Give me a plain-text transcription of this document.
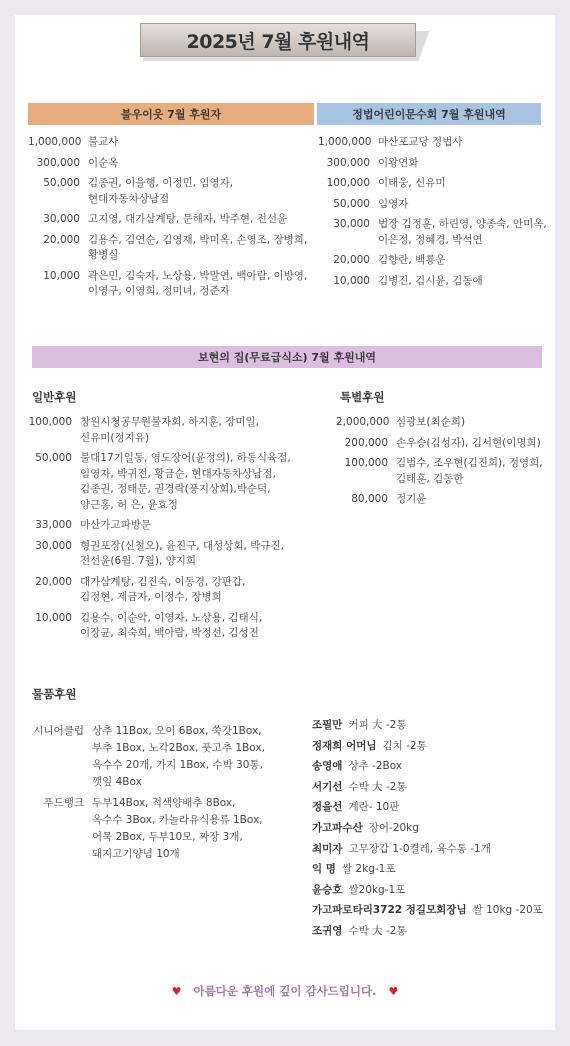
2025년 7월 후원내역
불우이웃 7월 후원자	정법어린이문수회 7월 후원내역
1,000,000 불교사
300,000 이순옥
50,000 김종권, 이을행, 이정민, 임영자,
현대자동차상남점
30,000 고지영, 대가삼계탕, 문해자, 박주현, 전선윤
20,000 김용수, 김연순, 김영재, 박미옥, 손영조, 장병희,
황병실
10,000 곽은민, 김숙자, 노상용, 박말연, 백아람, 이방영,
이영구, 이영희, 정미녀, 정준자
1,000,000 마산포교당 정법사
300,000 이왕연화
100,000 이태웅, 신유미
50,000 임영자
30,000 법장 김정훈, 하린영, 양종숙, 안미옥,
이은정, 정혜경, 박석연
20,000 김향란, 백룡운
10,000 김병진, 김시윤, 김동애
보현의 집(무료급식소) 7월 후원내역
일반후원	특별후원
100,000 창원시청공무원불자회, 하지훈, 장미일,
신유미(정지유)
50,000 불대17기일동, 영도장어(윤정의), 하동식육점,
임영자, 박귀전, 황금순, 현대자동차상남점,
김종권, 정태문, 권경락(풍지상회),박순덕,
양근홍, 허 은, 윤효정
33,000 마산가고파방문
30,000 형권포장(신철오), 윤진구, 대성상회, 박규진,
전선윤(6월. 7월), 양지희
20,000 대가삼계탕, 김진숙, 이동경, 강판갑,
김정현, 제금자, 이정수, 장병희
10,000 김용수, 이순악, 이영자, 노상용, 김태식,
이장균, 최숙희, 백아람, 박정선, 김성진
2,000,000 심광보(최순희)
200,000 손우승(김성자), 김서현(이명희)
100,000 김범수, 조우현(김진희), 정영희,
김태훈, 김동한
80,000 정기윤
물품후원
시니어클럽 상추 11Box, 오이 6Box, 쑥갓1Box,
부추 1Box, 노각2Box, 풋고추 1Box,
옥수수 20개, 가지 1Box, 수박 30통,
깻잎 4Box
푸드뱅크 두부14Box, 적색양배추 8Box,
옥수수 3Box, 카놀라유식용류 1Box,
어묵 2Box, 두부10모, 짜장 3개,
돼지고기양념 10개
조필만 커피 大 -2통
정재희 어머님 김치 -2통
송영애 상추 -2Box
서기선 수박 大 -2통
정을선 계란- 10판
가고파수산 장어-20kg
최미자 고무장갑 1-0켤레, 육수통 -1개
익 명 쌀 2kg-1포
윤승호 쌀20kg-1포
가고파로타리3722 정길모회장님 쌀 10kg -20포
조귀영 수박 大 -2통
♥ 아름다운 후원에 깊이 감사드립니다. ♥
